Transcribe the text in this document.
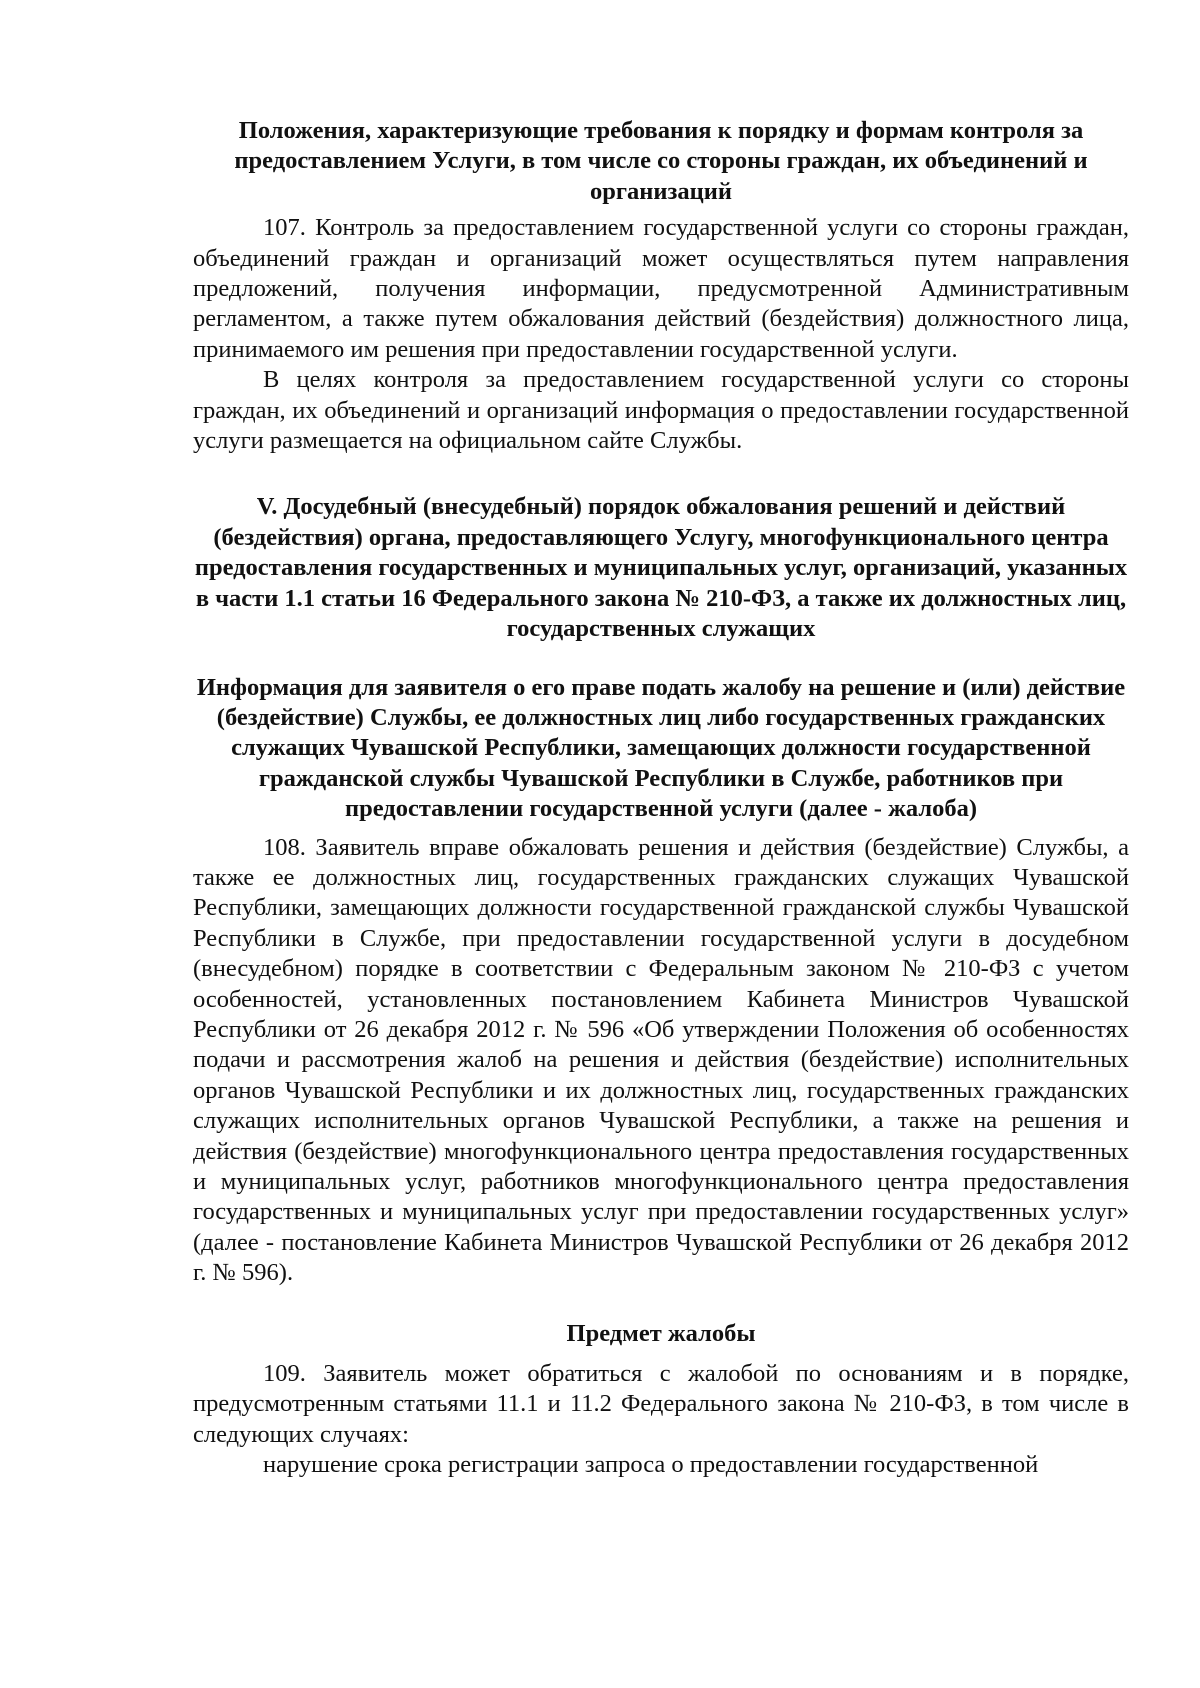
Положения, характеризующие требования к порядку и формам контроля за предоставлением Услуги, в том числе со стороны граждан, их объединений и организаций

107. Контроль за предоставлением государственной услуги со стороны граждан, объединений граждан и организаций может осуществляться путем направления предложений, получения информации, предусмотренной Административным регламентом, а также путем обжалования действий (бездействия) должностного лица, принимаемого им решения при предоставлении государственной услуги.

В целях контроля за предоставлением государственной услуги со стороны граждан, их объединений и организаций информация о предоставлении государственной услуги размещается на официальном сайте Службы.

V. Досудебный (внесудебный) порядок обжалования решений и действий (бездействия) органа, предоставляющего Услугу, многофункционального центра предоставления государственных и муниципальных услуг, организаций, указанных в части 1.1 статьи 16 Федерального закона № 210-ФЗ, а также их должностных лиц, государственных служащих

Информация для заявителя о его праве подать жалобу на решение и (или) действие (бездействие) Службы, ее должностных лиц либо государственных гражданских служащих Чувашской Республики, замещающих должности государственной гражданской службы Чувашской Республики в Службе, работников при предоставлении государственной услуги (далее - жалоба)

108. Заявитель вправе обжаловать решения и действия (бездействие) Службы, а также ее должностных лиц, государственных гражданских служащих Чувашской Республики, замещающих должности государственной гражданской службы Чувашской Республики в Службе, при предоставлении государственной услуги в досудебном (внесудебном) порядке в соответствии с Федеральным законом № 210-ФЗ с учетом особенностей, установленных постановлением Кабинета Министров Чувашской Республики от 26 декабря 2012 г. № 596 «Об утверждении Положения об особенностях подачи и рассмотрения жалоб на решения и действия (бездействие) исполнительных органов Чувашской Республики и их должностных лиц, государственных гражданских служащих исполнительных органов Чувашской Республики, а также на решения и действия (бездействие) многофункционального центра предоставления государственных и муниципальных услуг, работников многофункционального центра предоставления государственных и муниципальных услуг при предоставлении государственных услуг» (далее - постановление Кабинета Министров Чувашской Республики от 26 декабря 2012 г. № 596).

Предмет жалобы

109. Заявитель может обратиться с жалобой по основаниям и в порядке, предусмотренным статьями 11.1 и 11.2 Федерального закона № 210-ФЗ, в том числе в следующих случаях:

нарушение срока регистрации запроса о предоставлении государственной
